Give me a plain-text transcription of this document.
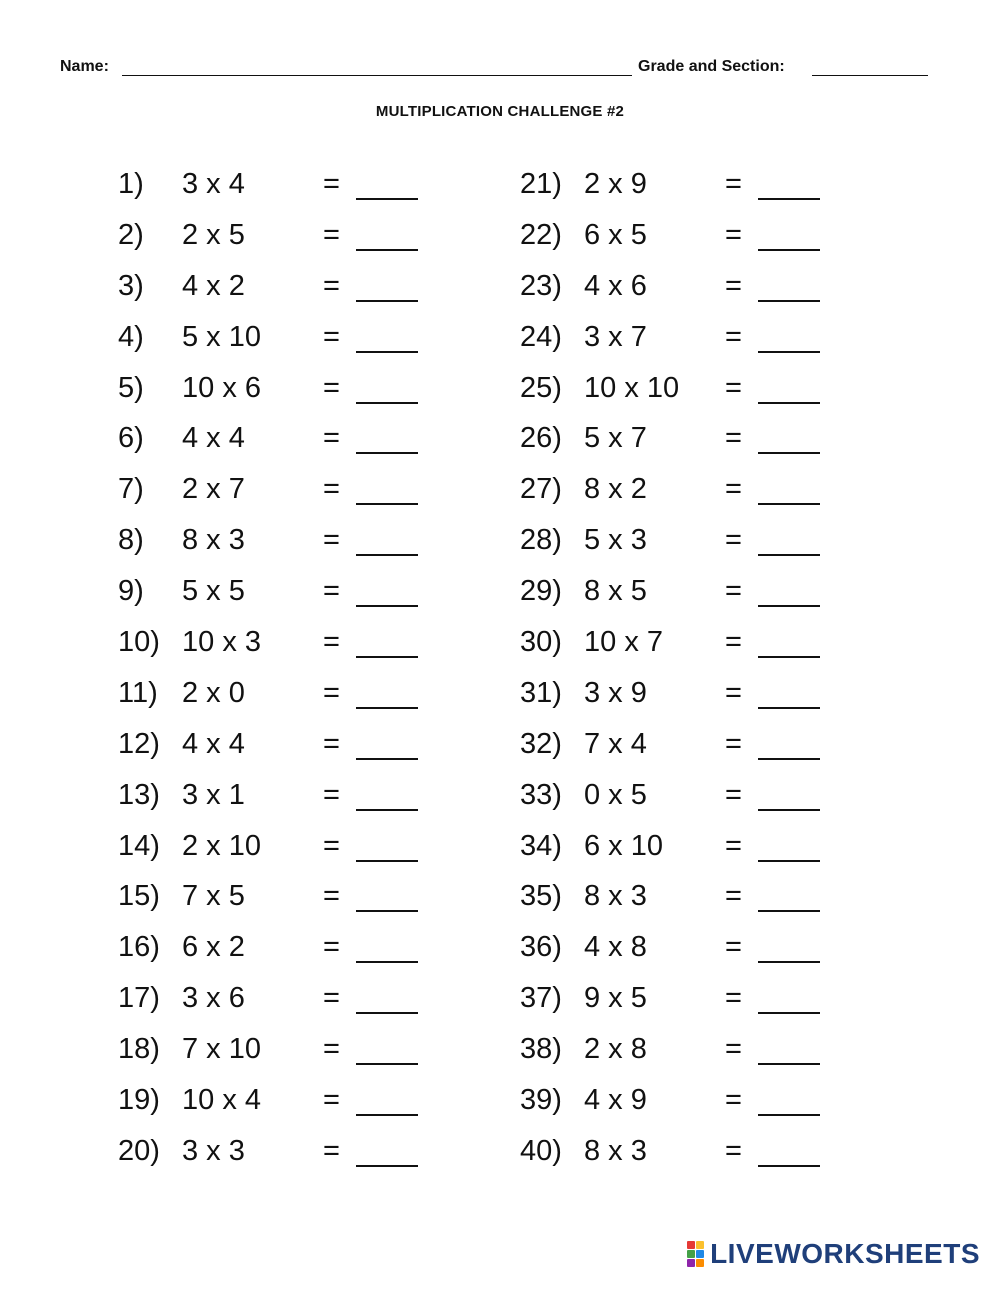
Name:	Grade and Section:
MULTIPLICATION CHALLENGE #2
1) 3 x 4	=
2) 2 x 5	=
3) 4 x 2	=
4) 5 x 10 =
5) 10 x 6 =
6) 4 x 4	=
7) 2 x 7	=
8) 8 x 3	=
9) 5 x 5	=
10) 10 x 3 =
11) 2 x 0	=
12) 4 x 4	=
13) 3 x 1	=
14) 2 x 10 =
15) 7 x 5	=
16) 6 x 2	=
17) 3 x 6	=
18) 7 x 10 =
19) 10 x 4 =
20) 3 x 3	=
21) 2 x 9	=
22) 6 x 5	=
23) 4 x 6	=
24) 3 x 7	=
25) 10 x 10 =
26) 5 x 7	=
27) 8 x 2	=
28) 5 x 3	=
29) 8 x 5	=
30) 10 x 7 =
31) 3 x 9	=
32) 7 x 4	=
33) 0 x 5	=
34) 6 x 10 =
35) 8 x 3	=
36) 4 x 8	=
37) 9 x 5	=
38) 2 x 8	=
39) 4 x 9	=
40) 8 x 3	=
LIVEWORKSHEETS
